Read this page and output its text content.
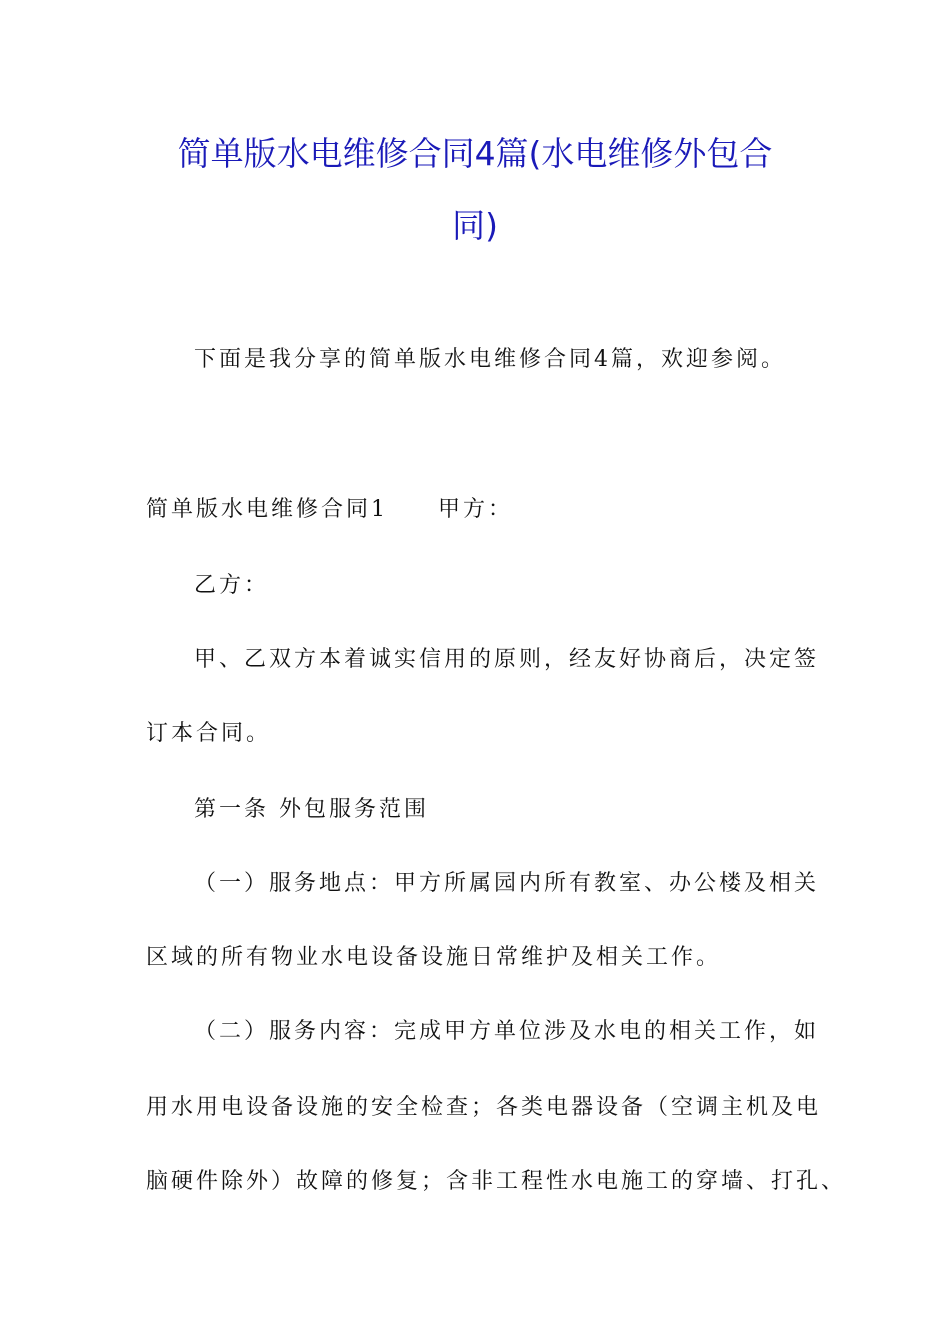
简单版水电维修合同4篇(水电维修外包合
同)
下面是我分享的简单版水电维修合同4篇，欢迎参阅。
简单版水电维修合同1 甲方：
乙方：
甲、乙双方本着诚实信用的原则，经友好协商后，决定签
订本合同。
第一条 外包服务范围
（一）服务地点：甲方所属园内所有教室、办公楼及相关
区域的所有物业水电设备设施日常维护及相关工作。
（二）服务内容：完成甲方单位涉及水电的相关工作，如
用水用电设备设施的安全检查；各类电器设备（空调主机及电
脑硬件除外）故障的修复；含非工程性水电施工的穿墙、打孔、
